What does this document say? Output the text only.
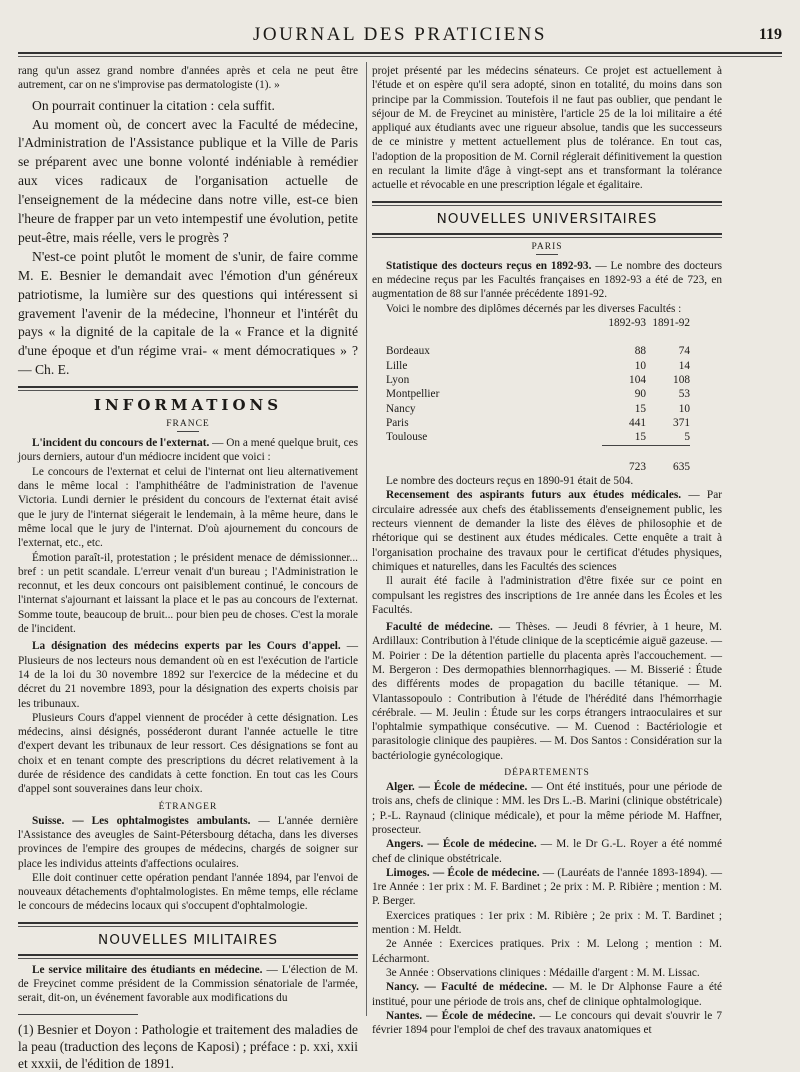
JOURNAL DES PRATICIENS	119

rang qu'un assez grand nombre d'années après et cela ne peut être autrement, car on ne s'improvise pas dermatologiste (1). »

On pourrait continuer la citation : cela suffit.

Au moment où, de concert avec la Faculté de médecine, l'Administration de l'Assistance publique et la Ville de Paris se préparent avec une bonne volonté indéniable à remédier aux vices radicaux de l'organisation actuelle de l'enseignement de la médecine dans notre ville, est-ce bien l'heure de frapper par un veto intempestif une évolution, petite peut-être, mais réelle, vers le progrès ?

N'est-ce point plutôt le moment de s'unir, de faire comme M. E. Besnier le demandait avec l'émotion d'un généreux patriotisme, la lumière sur des questions qui intéressent si gravement l'avenir de la médecine, l'honneur et l'intérêt du pays « la dignité de la capitale de la « France et la dignité d'une époque et d'un régime vrai- « ment démocratiques » ? — Ch. E.

INFORMATIONS
FRANCE

L'incident du concours de l'externat. — On a mené quelque bruit, ces jours derniers, autour d'un médiocre incident que voici :

Le concours de l'externat et celui de l'internat ont lieu alternativement dans le même local : l'amphithéâtre de l'administration de l'avenue Victoria. Lundi dernier le président du concours de l'externat était avisé que le jury de l'internat siégerait le lendemain, à la même heure, dans le même local que le jury de l'internat. D'où ajournement du concours de l'externat, etc., etc.

Émotion paraît-il, protestation ; le président menace de démissionner... bref : un petit scandale. L'erreur venait d'un bureau ; l'Administration le reconnut, et les deux concours ont paisiblement continué, le concours de l'internat s'ajournant et laissant la place et le pas au concours de l'externat. Somme toute, beaucoup de bruit... pour bien peu de choses. C'est la morale de l'incident.

La désignation des médecins experts par les Cours d'appel. — Plusieurs de nos lecteurs nous demandent où en est l'exécution de l'article 14 de la loi du 30 novembre 1892 sur l'exercice de la médecine et du décret du 21 novembre 1893, pour la désignation des experts choisis par les tribunaux.

Plusieurs Cours d'appel viennent de procéder à cette désignation. Les médecins, ainsi désignés, posséderont durant l'année actuelle le titre d'expert devant les tribunaux de leur ressort. Ces désignations se font au choix et en tenant compte des prescriptions du décret relativement à la durée de résidence des candidats à cette fonction. En tout cas les Cours d'appel sont souveraines dans leur choix.

ÉTRANGER

Suisse. — Les ophtalmogistes ambulants. — L'année dernière l'Assistance des aveugles de Saint-Pétersbourg détacha, dans les diverses provinces de l'empire des groupes de médecins, chargés de soigner sur place les individus atteints d'affections oculaires.

Elle doit continuer cette opération pendant l'année 1894, par l'envoi de nouveaux détachements d'ophtalmologistes. En même temps, elle réclame le concours de médecins locaux qui s'occupent d'ophtalmologie.

NOUVELLES MILITAIRES

Le service militaire des étudiants en médecine. — L'élection de M. de Freycinet comme président de la Commission sénatoriale de l'armée, serait, dit-on, un événement favorable aux modifications du

(1) Besnier et Doyon : Pathologie et traitement des maladies de la peau (traduction des leçons de Kaposi) ; préface : p. xxi, xxii et xxxii, de l'édition de 1891.

projet présenté par les médecins sénateurs. Ce projet est actuellement à l'étude et on espère qu'il sera adopté, sinon en totalité, du moins dans son principe par la Commission. Toutefois il ne faut pas oublier, que pendant le séjour de M. de Freycinet au ministère, l'article 25 de la loi militaire a été appliqué aux étudiants avec une rigueur absolue, tandis que les successeurs de ce ministre y mettent actuellement plus de tolérance. En tout cas, l'adoption de la proposition de M. Cornil réglerait définitivement la question en reculant la limite d'âge à vingt-sept ans et transformant la tolérance actuelle et révocable en une prescription légale et égalitaire.

NOUVELLES UNIVERSITAIRES
PARIS

Statistique des docteurs reçus en 1892-93. — Le nombre des docteurs en médecine reçus par les Facultés françaises en 1892-93 a été de 723, en augmentation de 88 sur l'année précédente 1891-92.

Voici le nombre des diplômes décernés par les diverses Facultés :

	1892-93	1891-92

Bordeaux	88	74
Lille	10	14
Lyon	104	108
Montpellier	90	53
Nancy	15	10
Paris	441	371
Toulouse	15	5

	723	635

Le nombre des docteurs reçus en 1890-91 était de 504.

Recensement des aspirants futurs aux études médicales. — Par circulaire adressée aux chefs des établissements d'enseignement public, les recteurs viennent de demander la liste des élèves de philosophie et de rhétorique qui se destinent aux études médicales. Cette enquête a trait à l'organisation prochaine des travaux pour le certificat d'études physiques, chimiques et naturelles, dans les Facultés des sciences

Il aurait été facile à l'administration d'être fixée sur ce point en compulsant les registres des inscriptions de 1re année dans les Écoles et les Facultés.

Faculté de médecine. — Thèses. — Jeudi 8 février, à 1 heure, M. Ardillaux: Contribution à l'étude clinique de la scepticémie aiguë gazeuse. — M. Poirier : De la détention partielle du placenta après l'accouchement. — M. Bergeron : Des dermopathies blennorrhagiques. — M. Bisserié : Étude des différents modes de propagation du bacille tétanique. — M. Vlantassopoulo : Contribution à l'étude de l'hérédité dans l'hémorrhagie cérébrale. — M. Jeulin : Étude sur les corps étrangers intraoculaires et sur l'ophtalmie sympathique consécutive. — M. Cuenod : Bactériologie et parasitologie clinique des paupières. — M. Dos Santos : Considération sur la bactériologie gynécologique.

DÉPARTEMENTS

Alger. — École de médecine. — Ont été institués, pour une période de trois ans, chefs de clinique : MM. les Drs L.-B. Marini (clinique obstétricale) ; P.-L. Raynaud (clinique médicale), et pour la même période M. Haffner, prosecteur.

Angers. — École de médecine. — M. le Dr G.-L. Royer a été nommé chef de clinique obstétricale.

Limoges. — École de médecine. — (Lauréats de l'année 1893-1894). — 1re Année : 1er prix : M. F. Bardinet ; 2e prix : M. P. Ribière ; mention : M. P. Berger.

Exercices pratiques : 1er prix : M. Ribière ; 2e prix : M. T. Bardinet ; mention : M. Heldt.

2e Année : Exercices pratiques. Prix : M. Lelong ; mention : M. Lécharmont.

3e Année : Observations cliniques : Médaille d'argent : M. M. Lissac.

Nancy. — Faculté de médecine. — M. le Dr Alphonse Faure a été institué, pour une période de trois ans, chef de clinique ophtalmologique.

Nantes. — École de médecine. — Le concours qui devait s'ouvrir le 7 février 1894 pour l'emploi de chef des travaux anatomiques et
